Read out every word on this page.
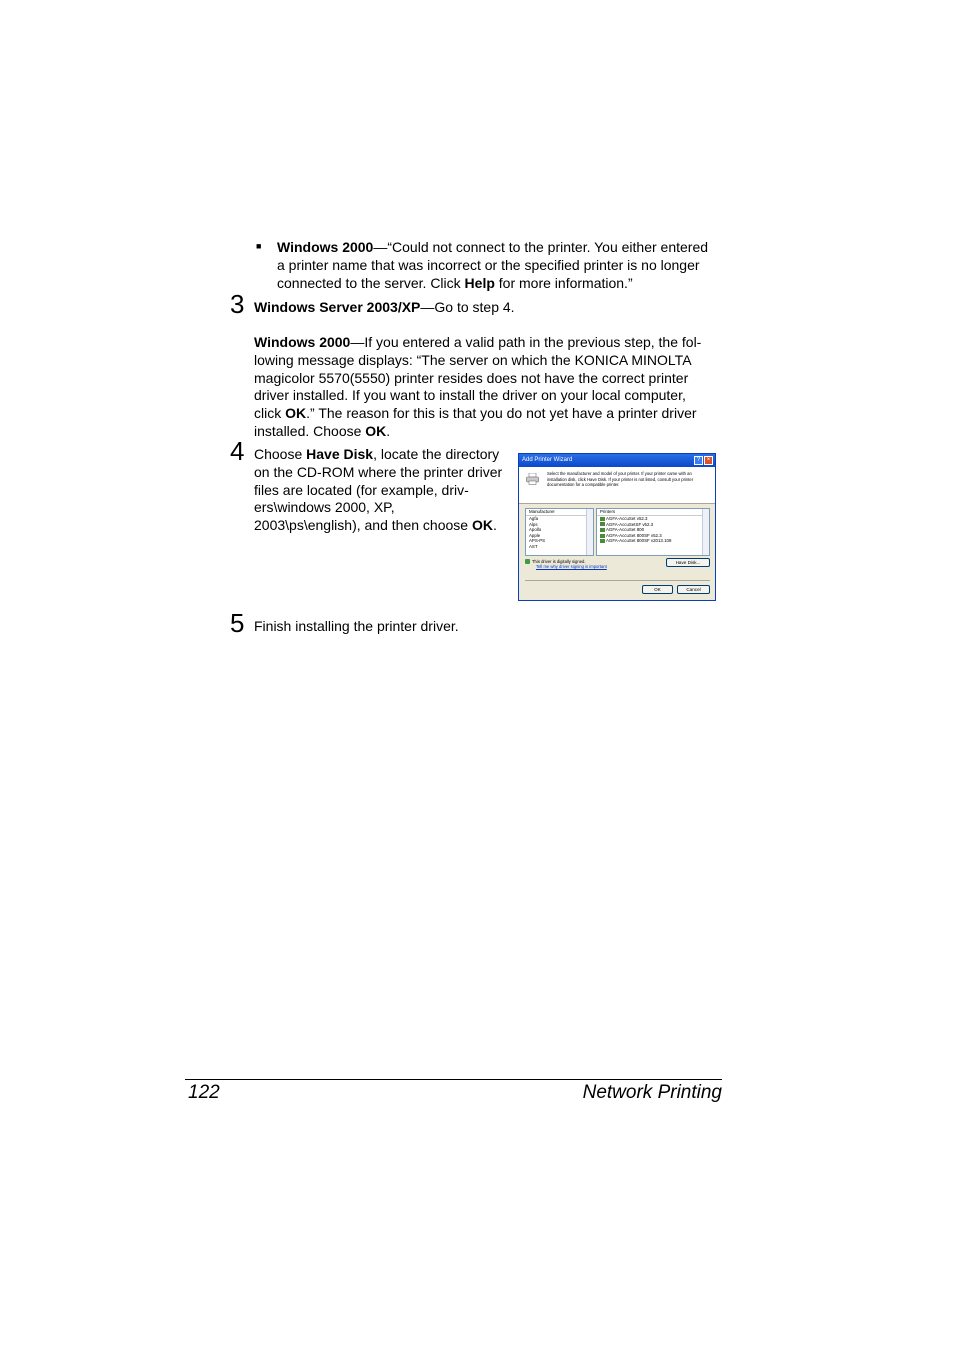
■ Windows 2000—“Could not connect to the printer. You either entered
a printer name that was incorrect or the specified printer is no longer
connected to the server. Click Help for more information.”
3 Windows Server 2003/XP—Go to step 4.
Windows 2000—If you entered a valid path in the previous step, the fol-
lowing message displays: “The server on which the KONICA MINOLTA
magicolor 5570(5550) printer resides does not have the correct printer
driver installed. If you want to install the driver on your local computer,
click OK.” The reason for this is that you do not yet have a printer driver
installed. Choose OK.
4 Choose Have Disk, locate the directory
on the CD-ROM where the printer driver
files are located (for example, driv-
ers\windows 2000, XP,
2003\ps\english), and then choose OK.
Add Printer Wizard	?	×
Select the manufacturer and model of your printer. If your printer came with an installation disk, click Have Disk. If your printer is not listed, consult your printer documentation for a compatible printer.
Manufacturer
Agfa
Alps
Apollo
Apple
APS-PS
AST
Printers
AGFA-AccuSet v52.3
AGFA-AccuSetSF v52.3
AGFA-AccuSet 800
AGFA-AccuSet 800SF v52.3
AGFA-AccuSet 800SF v2013.108
This driver is digitally signed.
Tell me why driver signing is important
Have Disk...
OK	Cancel
5 Finish installing the printer driver.
122	Network Printing
